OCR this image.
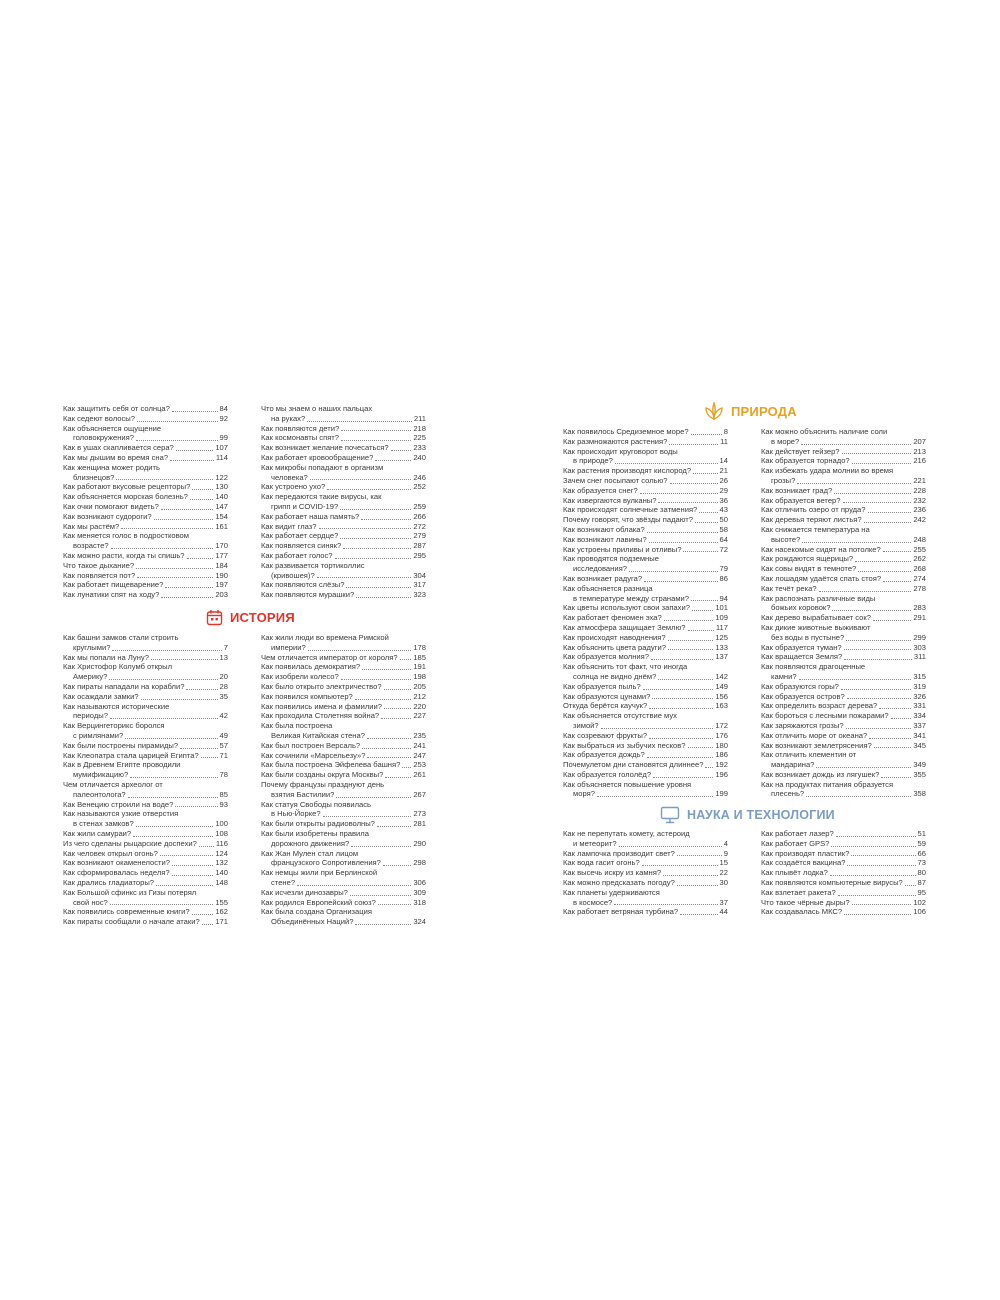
Как защитить себя от солнца?	84
Как седеют волосы?	92
Как объясняется ощущение
головокружения?	99
Как в ушах скапливается сера?	107
Как мы дышим во время сна?	114
Как женщина может родить
близнецов?	122
Как работают вкусовые рецепторы?	130
Как объясняется морская болезнь?	140
Как очки помогают видеть?	147
Как возникают судороги?	154
Как мы растём?	161
Как меняется голос в подростковом
возрасте?	170
Как можно расти, когда ты спишь?	177
Что такое дыхание?	184
Как появляется пот?	190
Как работает пищеварение?	197
Как лунатики спят на ходу?	203
Что мы знаем о наших пальцах
на руках?	211
Как появляются дети?	218
Как космонавты спят?	225
Как возникает желание почесаться?	233
Как работает кровообращение?	240
Как микробы попадают в организм
человека?	246
Как устроено ухо?	252
Как передаются такие вирусы, как
грипп и COVID-19?	259
Как работает наша память?	266
Как видит глаз?	272
Как работает сердце?	279
Как появляется синяк?	287
Как работает голос?	295
Как развивается тортиколлис
(кривошея)?	304
Как появляются слёзы?	317
Как появляются мурашки?	323
ИСТОРИЯ
Как башни замков стали строить
круглыми?	7
Как мы попали на Луну?	13
Как Христофор Колумб открыл
Америку?	20
Как пираты нападали на корабли?	28
Как осаждали замки?	35
Как называются исторические
периоды?	42
Как Верцингеторикс боролся
с римлянами?	49
Как были построены пирамиды?	57
Как Клеопатра стала царицей Египта?	71
Как в Древнем Египте проводили
мумификацию?	78
Чем отличается археолог от
палеонтолога?	85
Как Венецию строили на воде?	93
Как называются узкие отверстия
в стенах замков?	100
Как жили самураи?	108
Из чего сделаны рыцарские доспехи?	116
Как человек открыл огонь?	124
Как возникают окаменелости?	132
Как сформировалась неделя?	140
Как дрались гладиаторы?	148
Как Большой сфинкс из Гизы потерял
свой нос?	155
Как появились современные книги?	162
Как пираты сообщали о начале атаки? 171
Как жили люди во времена Римской
империи?	178
Чем отличается император от короля? 185
Как появилась демократия?	191
Как изобрели колесо?	198
Как было открыто электричество?	205
Как появился компьютер?	212
Как появились имена и фамилии?	220
Как проходила Столетняя война?	227
Как была построена
Великая Китайская стена?	235
Как был построен Версаль?	241
Как сочинили «Марсельезу»?	247
Как была построена Эйфелева башня? 253
Как были созданы округа Москвы?	261
Почему французы празднуют день
взятия Бастилии?	267
Как статуя Свободы появилась
в Нью-Йорке?	273
Как были открыты радиоволны?	281
Как были изобретены правила
дорожного движения?	290
Как Жан Мулен стал лицом
французского Сопротивления?	298
Как немцы жили при Берлинской
стене?	306
Как исчезли динозавры?	309
Как родился Европейский союз?	318
Как была создана Организация
Объединённых Наций?	324
ПРИРОДА
Как появилось Средиземное море?	8
Как размножаются растения?	11
Как происходит круговорот воды
в природе?	14
Как растения производят кислород?	21
Зачем снег посыпают солью?	26
Как образуется снег?	29
Как извергаются вулканы?	36
Как происходят солнечные затмения?	43
Почему говорят, что звёзды падают?	50
Как возникают облака?	58
Как возникают лавины?	64
Как устроены приливы и отливы?	72
Как проводятся подземные
исследования?	79
Как возникает радуга?	86
Как объясняется разница
в температуре между странами?	94
Как цветы используют свои запахи?	101
Как работает феномен эха?	109
Как атмосфера защищает Землю?	117
Как происходят наводнения?	125
Как объяснить цвета радуги?	133
Как образуется молния?	137
Как объяснить тот факт, что иногда
солнца не видно днём?	142
Как образуется пыль?	149
Как образуются цунами?	156
Откуда берётся каучук?	163
Как объясняется отсутствие мух
зимой?	172
Как созревают фрукты?	176
Как выбраться из зыбучих песков?	180
Как образуется дождь?	186
Почемулетом дни становятся длиннее? 192
Как образуется гололёд?	196
Как объясняется повышение уровня
моря?	199
Как можно объяснить наличие соли
в море?	207
Как действует гейзер?	213
Как образуется торнадо?	216
Как избежать удара молнии во время
грозы?	221
Как возникает град?	228
Как образуется ветер?	232
Как отличить озеро от пруда?	236
Как деревья теряют листья?	242
Как снижается температура на
высоте?	248
Как насекомые сидят на потолке?	255
Как рождаются ящерицы?	262
Как совы видят в темноте?	268
Как лошадям удаётся спать стоя?	274
Как течёт река?	278
Как распознать различные виды
божьих коровок?	283
Как дерево вырабатывает сок?	291
Как дикие животные выживают
без воды в пустыне?	299
Как образуется туман?	303
Как вращается Земля?	311
Как появляются драгоценные
камни?	315
Как образуются горы?	319
Как образуется остров?	326
Как определить возраст дерева?	331
Как бороться с лесными пожарами?	334
Как заряжаются грозы?	337
Как отличить море от океана?	341
Как возникают землетрясения?	345
Как отличить клементин от
мандарина?	349
Как возникает дождь из лягушек?	355
Как на продуктах питания образуется
плесень?	358
НАУКА И ТЕХНОЛОГИИ
Как не перепутать комету, астероид
и метеорит?	4
Как лампочка производит свет?	9
Как вода гасит огонь?	15
Как высечь искру из камня?	22
Как можно предсказать погоду?	30
Как планеты удерживаются
в космосе?	37
Как работает ветряная турбина?	44
Как работает лазер?	51
Как работает GPS?	59
Как производят пластик?	66
Как создаётся вакцина?	73
Как плывёт лодка?	80
Как появляются компьютерные вирусы? 87
Как взлетает ракета?	95
Что такое чёрные дыры?	102
Как создавалась МКС?	106
